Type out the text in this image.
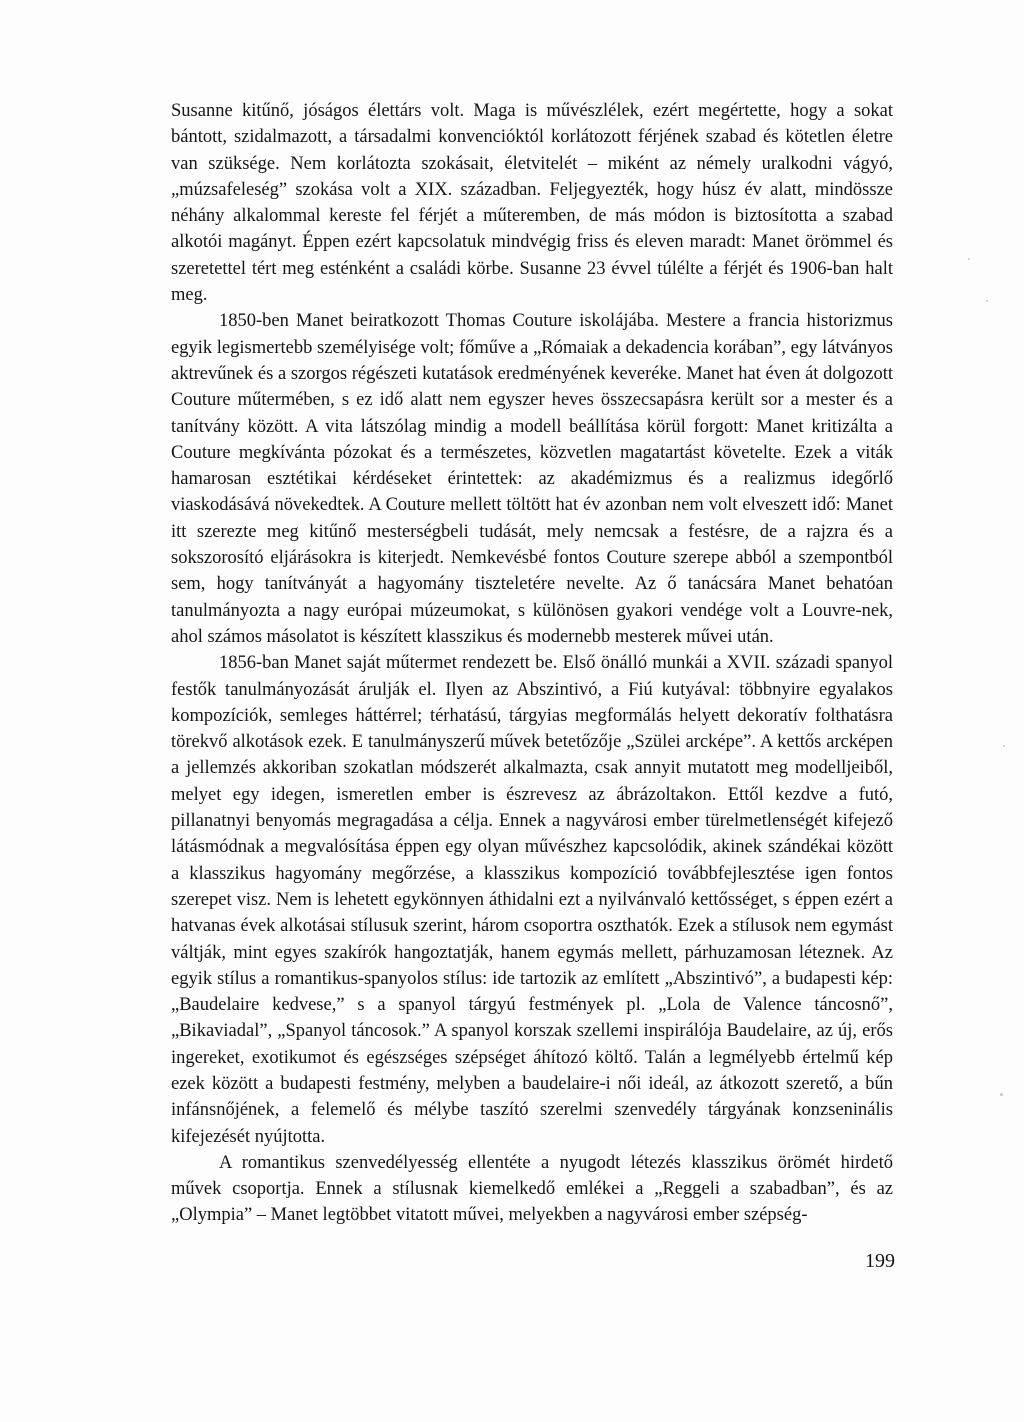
Susanne kitűnő, jóságos élettárs volt. Maga is művészlélek, ezért megértette, hogy a sokat bántott, szidalmazott, a társadalmi konvencióktól korlátozott férjének szabad és kötetlen életre van szüksége. Nem korlátozta szokásait, életvitelét – miként az némely uralkodni vágyó, „múzsafeleség” szokása volt a XIX. században. Feljegyezték, hogy húsz év alatt, mindössze néhány alkalommal kereste fel férjét a műteremben, de más módon is biztosította a szabad alkotói magányt. Éppen ezért kapcsolatuk mindvégig friss és eleven maradt: Manet örömmel és szeretettel tért meg esténként a családi körbe. Susanne 23 évvel túlélte a férjét és 1906-ban halt meg.

1850-ben Manet beiratkozott Thomas Couture iskolájába. Mestere a francia historizmus egyik legismertebb személyisége volt; főműve a „Rómaiak a dekadencia korában”, egy látványos aktrevűnek és a szorgos régészeti kutatások eredményének keveréke. Manet hat éven át dolgozott Couture műtermében, s ez idő alatt nem egyszer heves összecsapásra került sor a mester és a tanítvány között. A vita látszólag mindig a modell beállítása körül forgott: Manet kritizálta a Couture megkívánta pózokat és a természetes, közvetlen magatartást követelte. Ezek a viták hamarosan esztétikai kérdéseket érintettek: az akadémizmus és a realizmus idegőrlő viaskodásává növekedtek. A Couture mellett töltött hat év azonban nem volt elveszett idő: Manet itt szerezte meg kitűnő mesterségbeli tudását, mely nemcsak a festésre, de a rajzra és a sokszorosító eljárásokra is kiterjedt. Nemkevésbé fontos Couture szerepe abból a szempontból sem, hogy tanítványát a hagyomány tiszteletére nevelte. Az ő tanácsára Manet behatóan tanulmányozta a nagy európai múzeumokat, s különösen gyakori vendége volt a Louvre-nek, ahol számos másolatot is készített klasszikus és modernebb mesterek művei után.

1856-ban Manet saját műtermet rendezett be. Első önálló munkái a XVII. századi spanyol festők tanulmányozását árulják el. Ilyen az Abszintivó, a Fiú kutyával: többnyire egyalakos kompozíciók, semleges háttérrel; térhatású, tárgyias megformálás helyett dekoratív folthatásra törekvő alkotások ezek. E tanulmányszerű művek betetőzője „Szülei arcképe”. A kettős arcképen a jellemzés akkoriban szokatlan módszerét alkalmazta, csak annyit mutatott meg modelljeiből, melyet egy idegen, ismeretlen ember is észrevesz az ábrázoltakon. Ettől kezdve a futó, pillanatnyi benyomás megragadása a célja. Ennek a nagyvárosi ember türelmetlenségét kifejező látásmódnak a megvalósítása éppen egy olyan művészhez kapcsolódik, akinek szándékai között a klasszikus hagyomány megőrzése, a klasszikus kompozíció továbbfejlesztése igen fontos szerepet visz. Nem is lehetett egykönnyen áthidalni ezt a nyilvánvaló kettősséget, s éppen ezért a hatvanas évek alkotásai stílusuk szerint, három csoportra oszthatók. Ezek a stílusok nem egymást váltják, mint egyes szakírók hangoztatják, hanem egymás mellett, párhuzamosan léteznek. Az egyik stílus a romantikus-spanyolos stílus: ide tartozik az említett „Abszintivó”, a budapesti kép: „Baudelaire kedvese,” s a spanyol tárgyú festmények pl. „Lola de Valence táncosnő”, „Bikaviadal”, „Spanyol táncosok.” A spanyol korszak szellemi inspirálója Baudelaire, az új, erős ingereket, exotikumot és egészséges szépséget áhítozó költő. Talán a legmélyebb értelmű kép ezek között a budapesti festmény, melyben a baudelaire-i női ideál, az átkozott szerető, a bűn infánsnőjének, a felemelő és mélybe taszító szerelmi szenvedély tárgyának konzseninális kifejezését nyújtotta.

A romantikus szenvedélyesség ellentéte a nyugodt létezés klasszikus örömét hirdető művek csoportja. Ennek a stílusnak kiemelkedő emlékei a „Reggeli a szabadban”, és az „Olympia” – Manet legtöbbet vitatott művei, melyekben a nagyvárosi ember szépség-

199
